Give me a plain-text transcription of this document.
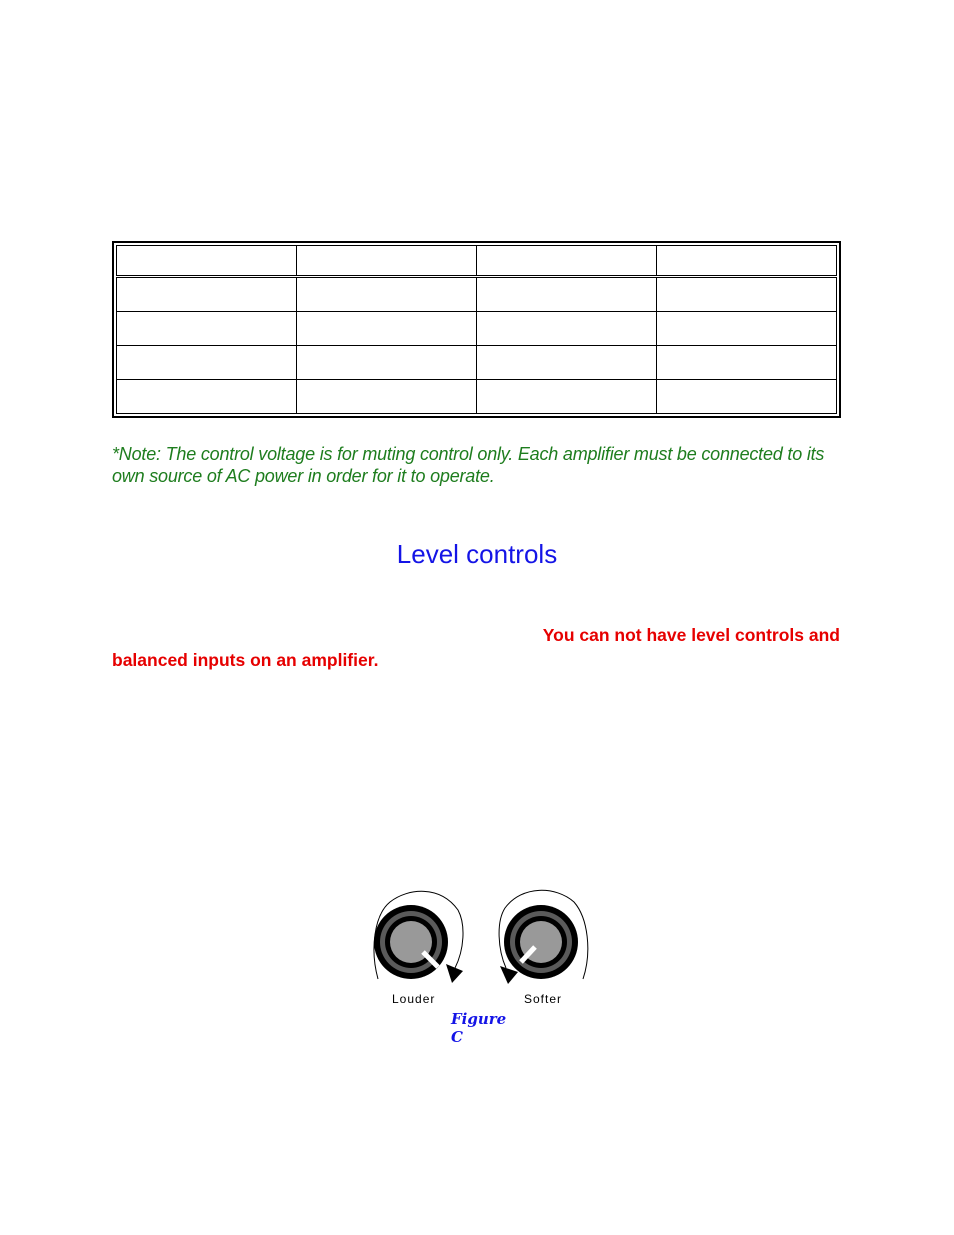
*Note: The control voltage is for muting control only. Each amplifier must be connected to its own source of AC power in order for it to operate.
Level controls
You can not have level controls and
balanced inputs on an amplifier.
Louder	Softer
Figure C
